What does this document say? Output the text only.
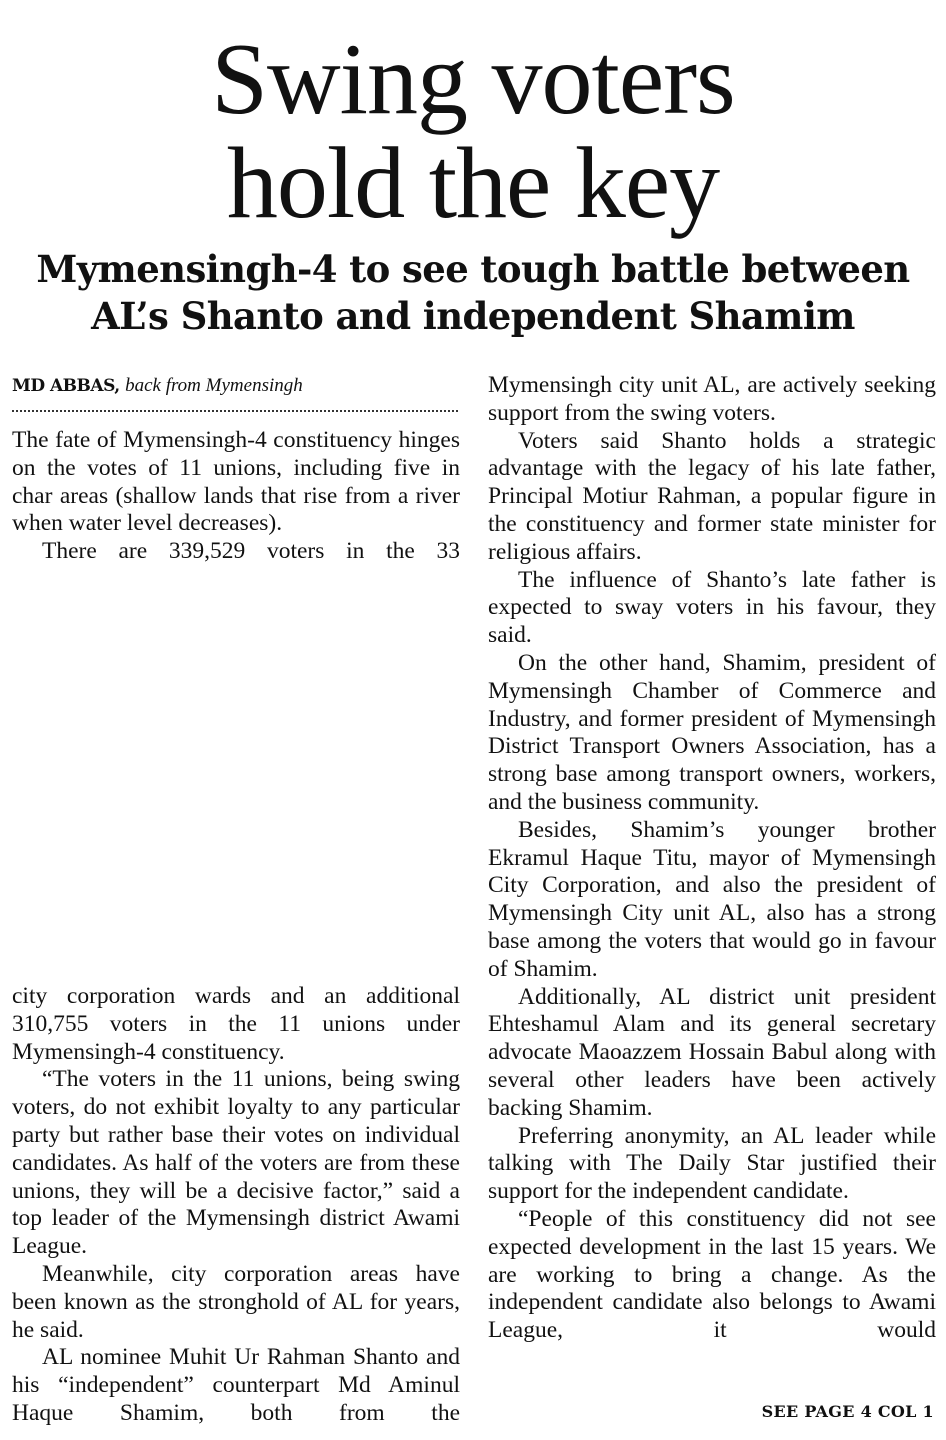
Swing voters
hold the key
Mymensingh-4 to see tough battle between
AL’s Shanto and independent Shamim
MD ABBAS, back from Mymensingh

The fate of Mymensingh-4 constituency hinges on the votes of 11 unions, including five in char areas (shallow lands that rise from a river when water level decreases).

There are 339,529 voters in the 33

city corporation wards and an additional 310,755 voters in the 11 unions under Mymensingh-4 constituency.

“The voters in the 11 unions, being swing voters, do not exhibit loyalty to any particular party but rather base their votes on individual candidates. As half of the voters are from these unions, they will be a decisive factor,” said a top leader of the Mymensingh district Awami League.

Meanwhile, city corporation areas have been known as the stronghold of AL for years, he said.

AL nominee Muhit Ur Rahman Shanto and his “independent” counterpart Md Aminul Haque Shamim, both from the

Mymensingh city unit AL, are actively seeking support from the swing voters.

Voters said Shanto holds a strategic advantage with the legacy of his late father, Principal Motiur Rahman, a popular figure in the constituency and former state minister for religious affairs.

The influence of Shanto’s late father is expected to sway voters in his favour, they said.

On the other hand, Shamim, president of Mymensingh Chamber of Commerce and Industry, and former president of Mymensingh District Transport Owners Association, has a strong base among transport owners, workers, and the business community.

Besides, Shamim’s younger brother Ekramul Haque Titu, mayor of Mymensingh City Corporation, and also the president of Mymensingh City unit AL, also has a strong base among the voters that would go in favour of Shamim.

Additionally, AL district unit president Ehteshamul Alam and its general secretary advocate Maoazzem Hossain Babul along with several other leaders have been actively backing Shamim.

Preferring anonymity, an AL leader while talking with The Daily Star justified their support for the independent candidate.

“People of this constituency did not see expected development in the last 15 years. We are working to bring a change. As the independent candidate also belongs to Awami League, it would

SEE PAGE 4 COL 1
